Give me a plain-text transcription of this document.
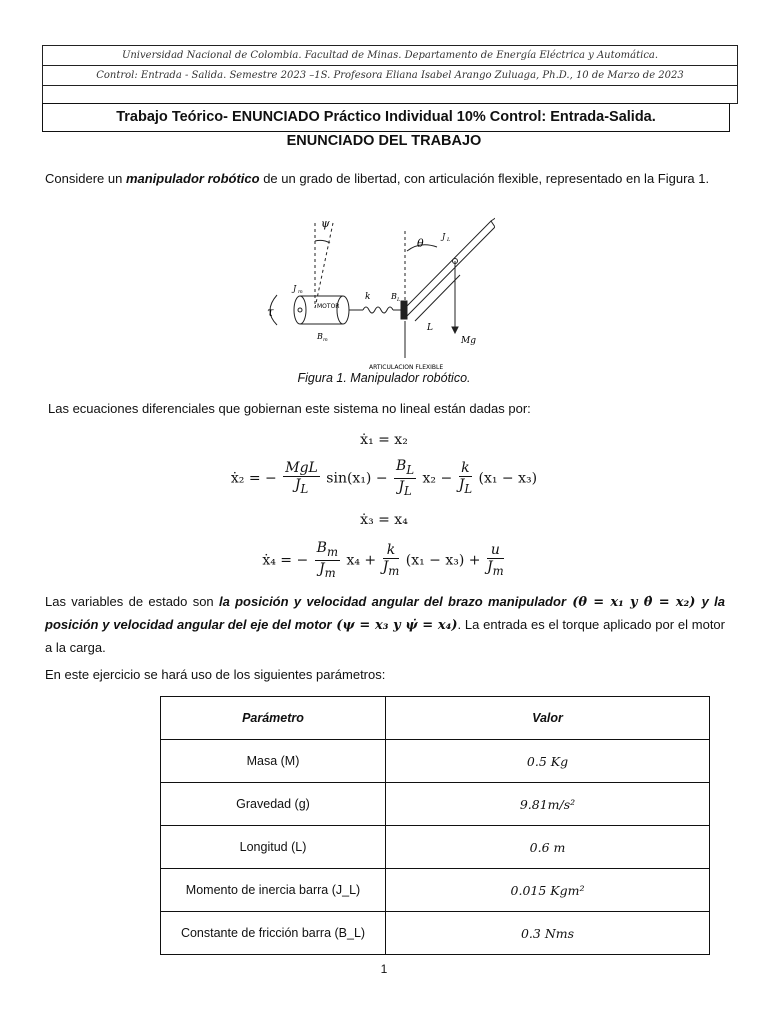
Universidad Nacional de Colombia. Facultad de Minas. Departamento de Energía Eléctrica y Automática.
Control: Entrada - Salida. Semestre 2023 –1S. Profesora Eliana Isabel Arango Zuluaga, Ph.D., 10 de Marzo de 2023
Trabajo Teórico- ENUNCIADO Práctico Individual 10% Control: Entrada-Salida.
ENUNCIADO DEL TRABAJO
Considere un manipulador robótico de un grado de libertad, con articulación flexible, representado en la Figura 1.
ψ
τ
J m
MOTOR
k	B L
B m
θ
J L
L
Mg
ARTICULACION FLEXIBLE
Figura 1. Manipulador robótico.
Las ecuaciones diferenciales que gobiernan este sistema no lineal están dadas por:
ẋ₁ = x₂
ẋ₂ = − $\frac{\text{MgL}}{J_L} \sin(x_1) - \frac{B_L}{J_L} x_2 - \frac{k}{J_L} (x_1 - x_3)$
ẋ₃ = x₄
ẋ₄ = − $\frac{B_m}{J_m} x_4 + \frac{k}{J_m} (x_1 - x_3) + \frac{u}{J_m}$
Las variables de estado son la posición y velocidad angular del brazo manipulador (θ = x₁ y θ̇ = x₂) y la posición y velocidad angular del eje del motor (ψ = x₃ y ψ̇ = x₄). La entrada es el torque aplicado por el motor a la carga.
En este ejercicio se hará uso de los siguientes parámetros:
Parámetro	Valor
Masa (M)	0.5 Kg
Gravedad (g)	9.81m/s²
Longitud (L)	0.6 m
Momento de inercia barra (J_L)	0.015 Kgm²
Constante de fricción barra (B_L)	0.3 Nms
1
